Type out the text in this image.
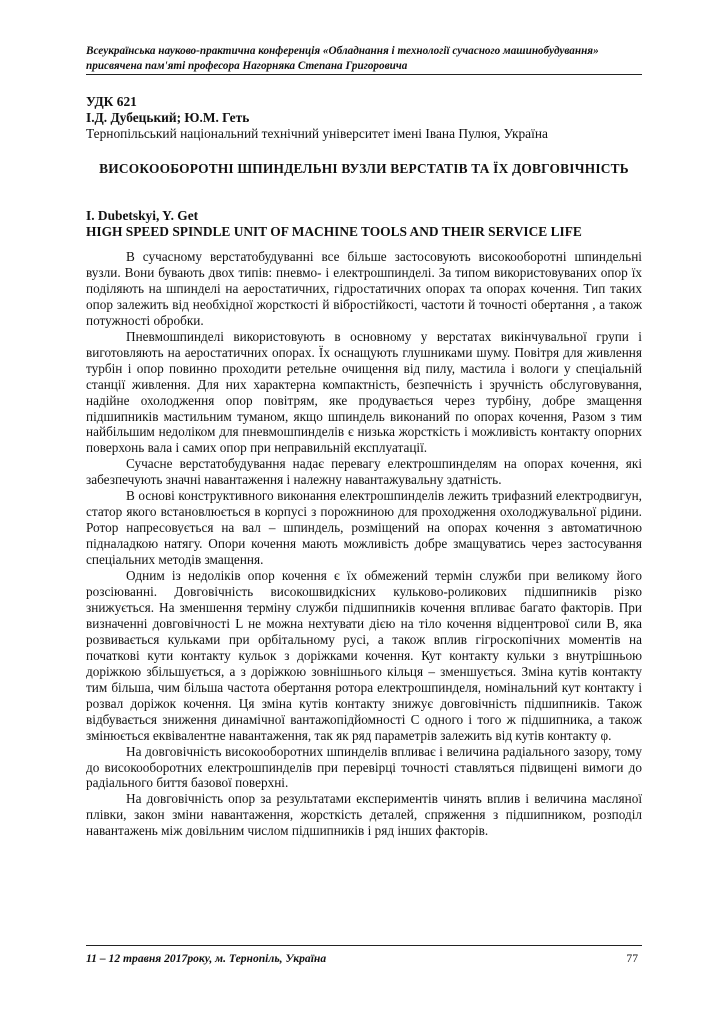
Всеукраїнська науково-практична конференція «Обладнання і технології сучасного машинобудування»
присвячена пам'яті професора Нагорняка Степана Григоровича
УДК 621
І.Д. Дубецький; Ю.М. Геть
Тернопільський національний технічний університет імені Івана Пулюя, Україна
ВИСОКООБОРОТНІ ШПИНДЕЛЬНІ ВУЗЛИ ВЕРСТАТІВ ТА ЇХ ДОВГОВІЧНІСТЬ
I. Dubetskyi, Y. Get
HIGH SPEED SPINDLE UNIT OF MACHINE TOOLS AND THEIR SERVICE LIFE

В сучасному верстатобудуванні все більше застосовують високооборотні шпиндельні вузли. Вони бувають двох типів: пневмо- і електрошпинделі. За типом використовуваних опор їх поділяють на шпинделі на аеростатичних, гідростатичних опорах та опорах кочення. Тип таких опор залежить від необхідної жорсткості й вібростійкості, частоти й точності обертання , а також потужності обробки.

Пневмошпинделі використовують в основному у верстатах викінчувальної групи і виготовляють на аеростатичних опорах. Їх оснащують глушниками шуму. Повітря для живлення турбін і опор повинно проходити ретельне очищення від пилу, мастила і вологи у спеціальній станції живлення. Для них характерна компактність, безпечність і зручність обслуговування, надійне охолодження опор повітрям, яке продувається через турбіну, добре змащення підшипників мастильним туманом, якщо шпиндель виконаний по опорах кочення, Разом з тим найбільшим недоліком для пневмошпинделів є низька жорсткість і можливість контакту опорних поверхонь вала і самих опор при неправильній експлуатації.

Сучасне верстатобудування надає перевагу електрошпинделям на опорах кочення, які забезпечують значні навантаження і належну навантажувальну здатність.

В основі конструктивного виконання електрошпинделів лежить трифазний електродвигун, статор якого встановлюється в корпусі з порожниною для проходження охолоджувальної рідини. Ротор напресовується на вал – шпиндель, розміщений на опорах кочення з автоматичною підналадкою натягу. Опори кочення мають можливість добре змащуватись через застосування спеціальних методів змащення.

Одним із недоліків опор кочення є їх обмежений термін служби при великому його розсіюванні. Довговічність високошвидкісних кульково-роликових підшипників різко знижується. На зменшення терміну служби підшипників кочення впливає багато факторів. При визначенні довговічності L не можна нехтувати дією на тіло кочення відцентрової сили B, яка розвивається кульками при орбітальному русі, а також вплив гігроскопічних моментів на початкові кути контакту кульок з доріжками кочення. Кут контакту кульки з внутрішньою доріжкою збільшується, а з доріжкою зовнішнього кільця – зменшується. Зміна кутів контакту тим більша, чим більша частота обертання ротора електрошпинделя, номінальний кут контакту і розвал доріжок кочення. Ця зміна кутів контакту знижує довговічність підшипників. Також відбувається зниження динамічної вантажопідйомності C одного і того ж підшипника, а також змінюється еквівалентне навантаження, так як ряд параметрів залежить від кутів контакту φ.

На довговічність високооборотних шпинделів впливає і величина радіального зазору, тому до високооборотних електрошпинделів при перевірці точності ставляться підвищені вимоги до радіального биття базової поверхні.

На довговічність опор за результатами експериментів чинять вплив і величина масляної плівки, закон зміни навантаження, жорсткість деталей, спряження з підшипником, розподіл навантажень між довільним числом підшипників і ряд інших факторів.

11 – 12 травня 2017року, м. Тернопіль, Україна	77
